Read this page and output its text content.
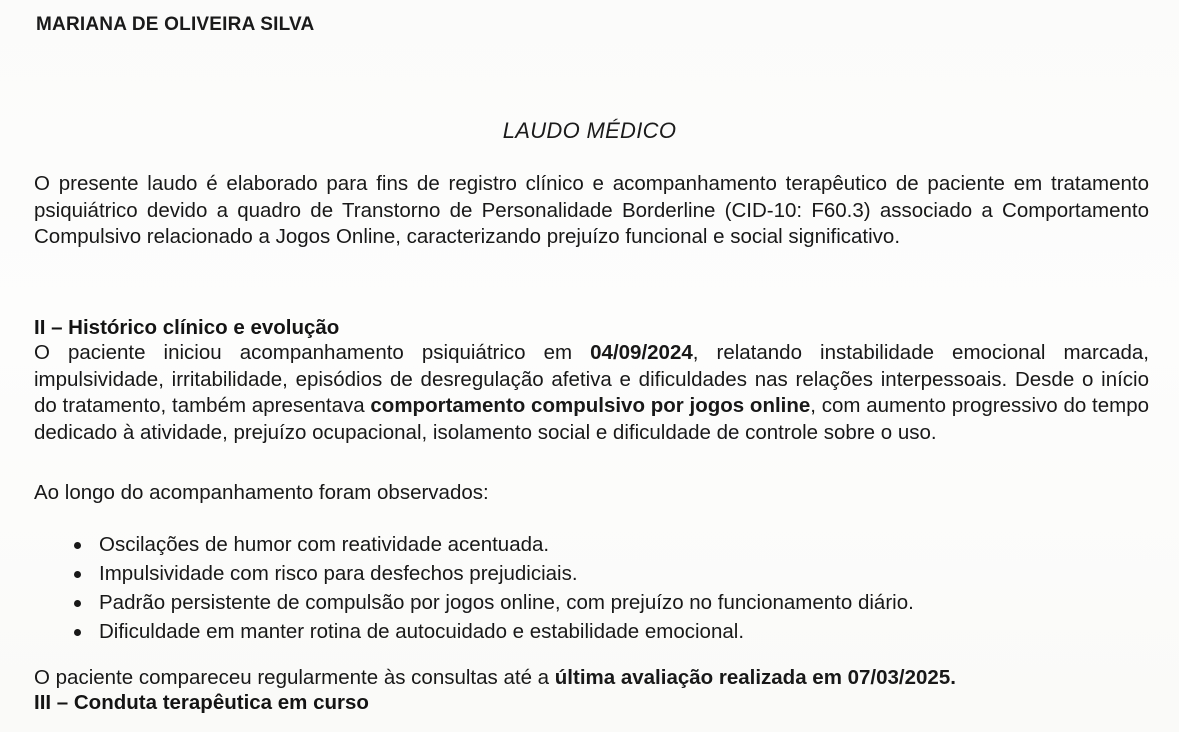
MARIANA DE OLIVEIRA SILVA
LAUDO MÉDICO
O presente laudo é elaborado para fins de registro clínico e acompanhamento terapêutico de paciente em tratamento psiquiátrico devido a quadro de Transtorno de Personalidade Borderline (CID-10: F60.3) associado a Comportamento Compulsivo relacionado a Jogos Online, caracterizando prejuízo funcional e social significativo.
II – Histórico clínico e evolução
O paciente iniciou acompanhamento psiquiátrico em 04/09/2024, relatando instabilidade emocional marcada, impulsividade, irritabilidade, episódios de desregulação afetiva e dificuldades nas relações interpessoais. Desde o início do tratamento, também apresentava comportamento compulsivo por jogos online, com aumento progressivo do tempo dedicado à atividade, prejuízo ocupacional, isolamento social e dificuldade de controle sobre o uso.
Ao longo do acompanhamento foram observados:
Oscilações de humor com reatividade acentuada.
Impulsividade com risco para desfechos prejudiciais.
Padrão persistente de compulsão por jogos online, com prejuízo no funcionamento diário.
Dificuldade em manter rotina de autocuidado e estabilidade emocional.
O paciente compareceu regularmente às consultas até a última avaliação realizada em 07/03/2025.
III – Conduta terapêutica em curso
